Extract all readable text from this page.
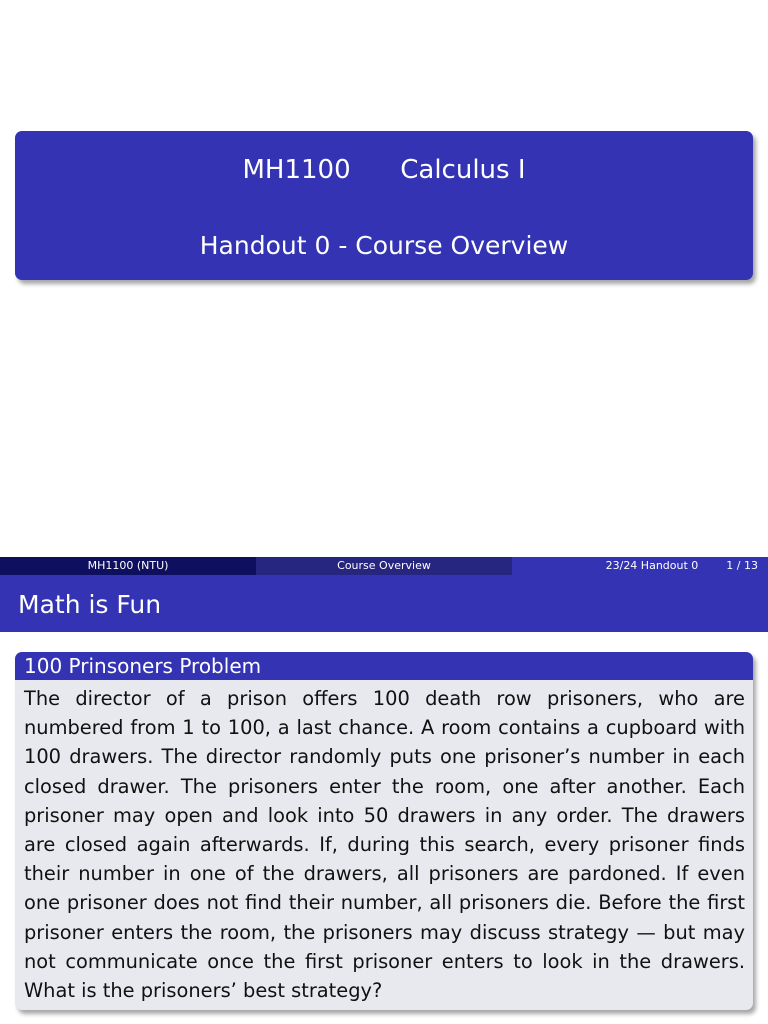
MH1100 Calculus I
Handout 0 - Course Overview
MH1100 (NTU)	Course Overview	23/24 Handout 0	1 / 13
Math is Fun
100 Prinsoners Problem
The director of a prison offers 100 death row prisoners, who are numbered from 1 to 100, a last chance. A room contains a cupboard with 100 drawers. The director randomly puts one prisoner’s number in each closed drawer. The prisoners enter the room, one after another. Each prisoner may open and look into 50 drawers in any order. The drawers are closed again afterwards. If, during this search, every prisoner finds their number in one of the drawers, all prisoners are pardoned. If even one prisoner does not find their number, all prisoners die. Before the first prisoner enters the room, the prisoners may discuss strategy — but may not communicate once the first prisoner enters to look in the drawers. What is the prisoners’ best strategy?
